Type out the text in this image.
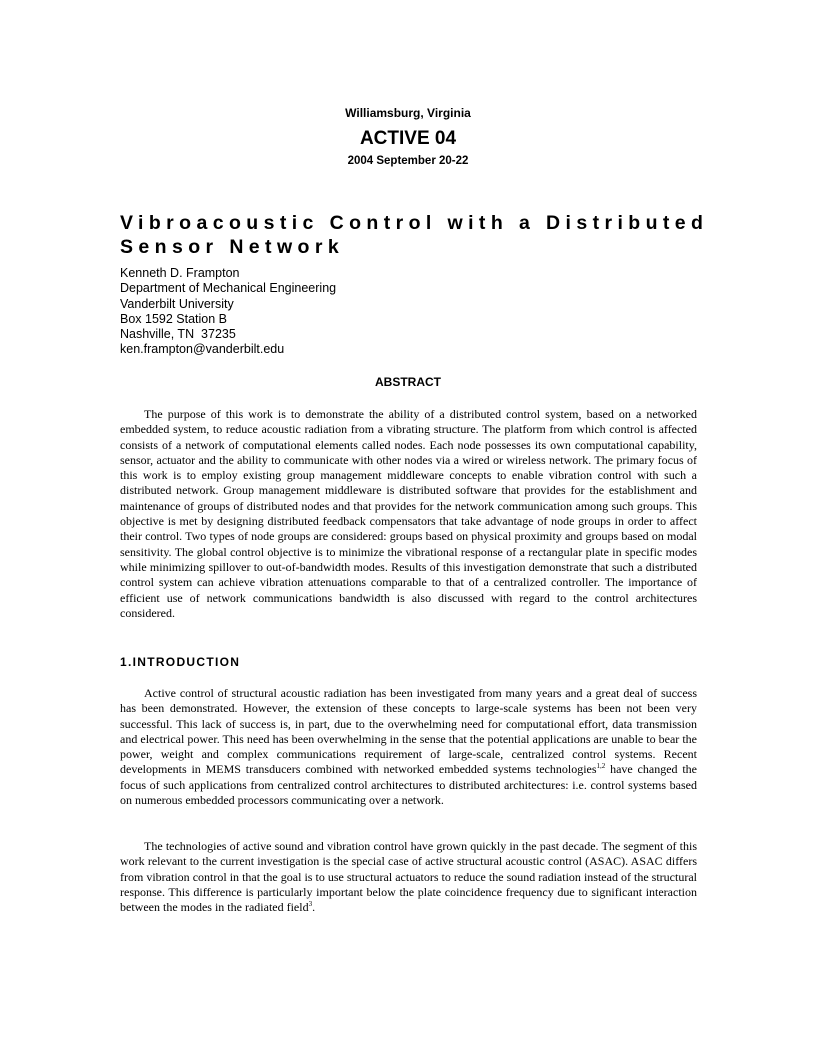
Williamsburg, Virginia
ACTIVE 04
2004 September 20-22
Vibroacoustic Control with a Distributed Sensor Network
Kenneth D. Frampton
Department of Mechanical Engineering
Vanderbilt University
Box 1592 Station B
Nashville, TN  37235
ken.frampton@vanderbilt.edu
ABSTRACT
The purpose of this work is to demonstrate the ability of a distributed control system, based on a networked embedded system, to reduce acoustic radiation from a vibrating structure. The platform from which control is affected consists of a network of computational elements called nodes. Each node possesses its own computational capability, sensor, actuator and the ability to communicate with other nodes via a wired or wireless network. The primary focus of this work is to employ existing group management middleware concepts to enable vibration control with such a distributed network. Group management middleware is distributed software that provides for the establishment and maintenance of groups of distributed nodes and that provides for the network communication among such groups. This objective is met by designing distributed feedback compensators that take advantage of node groups in order to affect their control. Two types of node groups are considered: groups based on physical proximity and groups based on modal sensitivity. The global control objective is to minimize the vibrational response of a rectangular plate in specific modes while minimizing spillover to out-of-bandwidth modes. Results of this investigation demonstrate that such a distributed control system can achieve vibration attenuations comparable to that of a centralized controller. The importance of efficient use of network communications bandwidth is also discussed with regard to the control architectures considered.
1.INTRODUCTION
Active control of structural acoustic radiation has been investigated from many years and a great deal of success has been demonstrated. However, the extension of these concepts to large-scale systems has been not been very successful. This lack of success is, in part, due to the overwhelming need for computational effort, data transmission and electrical power. This need has been overwhelming in the sense that the potential applications are unable to bear the power, weight and complex communications requirement of large-scale, centralized control systems. Recent developments in MEMS transducers combined with networked embedded systems technologies$^{1,2}$ have changed the focus of such applications from centralized control architectures to distributed architectures: i.e. control systems based on numerous embedded processors communicating over a network.
The technologies of active sound and vibration control have grown quickly in the past decade. The segment of this work relevant to the current investigation is the special case of active structural acoustic control (ASAC). ASAC differs from vibration control in that the goal is to use structural actuators to reduce the sound radiation instead of the structural response. This difference is particularly important below the plate coincidence frequency due to significant interaction between the modes in the radiated field$^3$.
